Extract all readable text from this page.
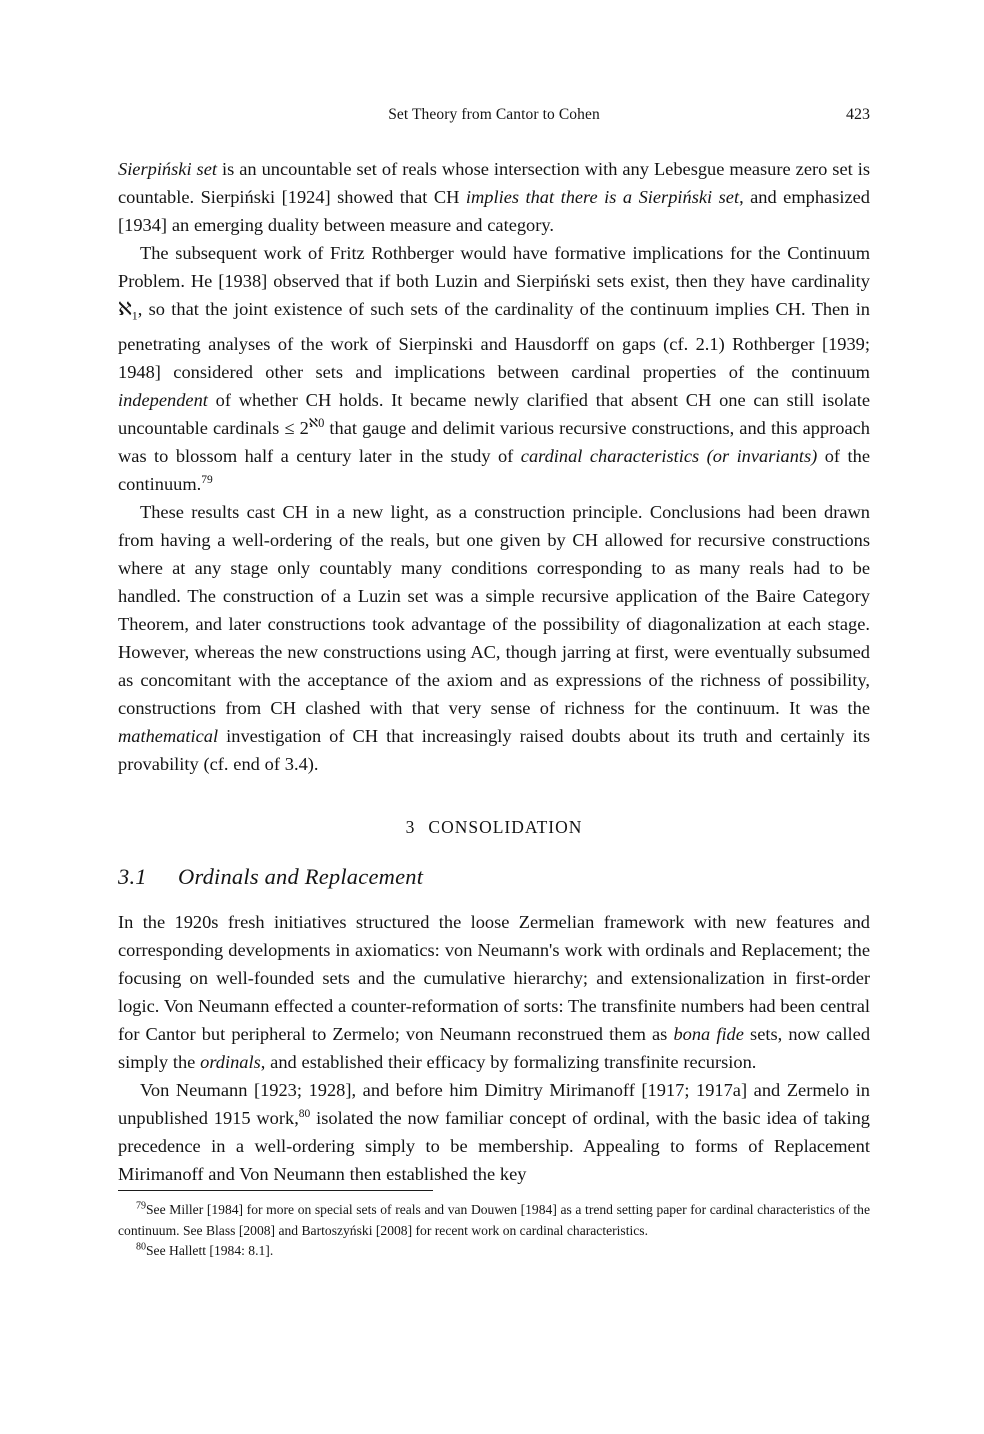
Set Theory from Cantor to Cohen	423

Sierpiński set is an uncountable set of reals whose intersection with any Lebesgue measure zero set is countable. Sierpiński [1924] showed that CH implies that there is a Sierpiński set, and emphasized [1934] an emerging duality between measure and category.

The subsequent work of Fritz Rothberger would have formative implications for the Continuum Problem. He [1938] observed that if both Luzin and Sierpiński sets exist, then they have cardinality ℵ$_1$, so that the joint existence of such sets of the cardinality of the continuum implies CH. Then in penetrating analyses of the work of Sierpinski and Hausdorff on gaps (cf. 2.1) Rothberger [1939; 1948] considered other sets and implications between cardinal properties of the continuum independent of whether CH holds. It became newly clarified that absent CH one can still isolate uncountable cardinals ≤ $2^{ℵ0}$ that gauge and delimit various recursive constructions, and this approach was to blossom half a century later in the study of cardinal characteristics (or invariants) of the continuum.$^{79}$

These results cast CH in a new light, as a construction principle. Conclusions had been drawn from having a well-ordering of the reals, but one given by CH allowed for recursive constructions where at any stage only countably many conditions corresponding to as many reals had to be handled. The construction of a Luzin set was a simple recursive application of the Baire Category Theorem, and later constructions took advantage of the possibility of diagonalization at each stage. However, whereas the new constructions using AC, though jarring at first, were eventually subsumed as concomitant with the acceptance of the axiom and as expressions of the richness of possibility, constructions from CH clashed with that very sense of richness for the continuum. It was the mathematical investigation of CH that increasingly raised doubts about its truth and certainly its provability (cf. end of 3.4).

3 CONSOLIDATION
3.1 Ordinals and Replacement

In the 1920s fresh initiatives structured the loose Zermelian framework with new features and corresponding developments in axiomatics: von Neumann's work with ordinals and Replacement; the focusing on well-founded sets and the cumulative hierarchy; and extensionalization in first-order logic. Von Neumann effected a counter-reformation of sorts: The transfinite numbers had been central for Cantor but peripheral to Zermelo; von Neumann reconstrued them as bona fide sets, now called simply the ordinals, and established their efficacy by formalizing transfinite recursion.

Von Neumann [1923; 1928], and before him Dimitry Mirimanoff [1917; 1917a] and Zermelo in unpublished 1915 work,$^{80}$ isolated the now familiar concept of ordinal, with the basic idea of taking precedence in a well-ordering simply to be membership. Appealing to forms of Replacement Mirimanoff and Von Neumann then established the key

$^{79}$See Miller [1984] for more on special sets of reals and van Douwen [1984] as a trend setting paper for cardinal characteristics of the continuum. See Blass [2008] and Bartoszyński [2008] for recent work on cardinal characteristics.

$^{80}$See Hallett [1984: 8.1].
